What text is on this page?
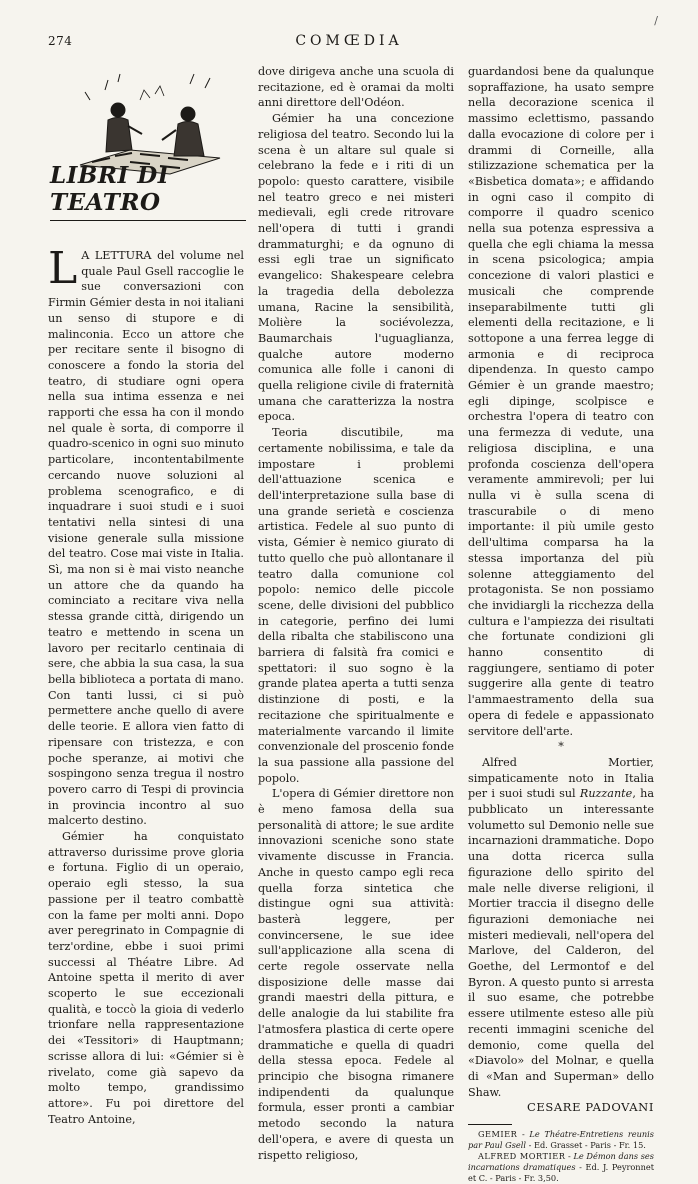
274	COMŒDIA
/
LIBRI DI TEATRO

L A LETTURA del volume nel quale Paul Gsell raccoglie le sue conversazioni con Firmin Gémier desta in noi italiani un senso di stupore e di malinconia. Ecco un attore che per recitare sente il bisogno di conoscere a fondo la storia del teatro, di studiare ogni opera nella sua intima essenza e nei rapporti che essa ha con il mondo nel quale è sorta, di comporre il quadro-scenico in ogni suo minuto particolare, incontentabilmente cercando nuove soluzioni al problema scenografico, e di inquadrare i suoi studi e i suoi tentativi nella sintesi di una visione generale sulla missione del teatro. Cose mai viste in Italia. Sì, ma non si è mai visto neanche un attore che da quando ha cominciato a recitare viva nella stessa grande città, dirigendo un teatro e mettendo in scena un lavoro per recitarlo centinaia di sere, che abbia la sua casa, la sua bella biblioteca a portata di mano. Con tanti lussi, ci si può permettere anche quello di avere delle teorie. E allora vien fatto di ripensare con tristezza, e con poche speranze, ai motivi che sospingono senza tregua il nostro povero carro di Tespi di provincia in provincia incontro al suo malcerto destino.

Gémier ha conquistato attraverso durissime prove gloria e fortuna. Figlio di un operaio, operaio egli stesso, la sua passione per il teatro combattè con la fame per molti anni. Dopo aver peregrinato in Compagnie di terz'ordine, ebbe i suoi primi successi al Théatre Libre. Ad Antoine spetta il merito di aver scoperto le sue eccezionali qualità, e toccò la gioia di vederlo trionfare nella rappresentazione dei «Tessitori» di Hauptmann; scrisse allora di lui: «Gémier si è rivelato, come già sapevo da molto tempo, grandissimo attore». Fu poi direttore del Teatro Antoine,

dove dirigeva anche una scuola di recitazione, ed è oramai da molti anni direttore dell'Odéon.

Gémier ha una concezione religiosa del teatro. Secondo lui la scena è un altare sul quale si celebrano la fede e i riti di un popolo: questo carattere, visibile nel teatro greco e nei misteri medievali, egli crede ritrovare nell'opera di tutti i grandi drammaturghi; e da ognuno di essi egli trae un significato evangelico: Shakespeare celebra la tragedia della debolezza umana, Racine la sensibilità, Molière la sociévolezza, Baumarchais l'uguaglianza, qualche autore moderno comunica alle folle i canoni di quella religione civile di fraternità umana che caratterizza la nostra epoca.

Teoria discutibile, ma certamente nobilissima, e tale da impostare i problemi dell'attuazione scenica e dell'interpretazione sulla base di una grande serietà e coscienza artistica. Fedele al suo punto di vista, Gémier è nemico giurato di tutto quello che può allontanare il teatro dalla comunione col popolo: nemico delle piccole scene, delle divisioni del pubblico in categorie, perfino dei lumi della ribalta che stabiliscono una barriera di falsità fra comici e spettatori: il suo sogno è la grande platea aperta a tutti senza distinzione di posti, e la recitazione che spiritualmente e materialmente varcando il limite convenzionale del proscenio fonde la sua passione alla passione del popolo.

L'opera di Gémier direttore non è meno famosa della sua personalità di attore; le sue ardite innovazioni sceniche sono state vivamente discusse in Francia. Anche in questo campo egli reca quella forza sintetica che distingue ogni sua attività: basterà leggere, per convincersene, le sue idee sull'applicazione alla scena di certe regole osservate nella disposizione delle masse dai grandi maestri della pittura, e delle analogie da lui stabilite fra l'atmosfera plastica di certe opere drammatiche e quella di quadri della stessa epoca. Fedele al principio che bisogna rimanere indipendenti da qualunque formula, esser pronti a cambiar metodo secondo la natura dell'opera, e avere di questa un rispetto religioso,

guardandosi bene da qualunque sopraffazione, ha usato sempre nella decorazione scenica il massimo eclettismo, passando dalla evocazione di colore per i drammi di Corneille, alla stilizzazione schematica per la «Bisbetica domata»; e affidando in ogni caso il compito di comporre il quadro scenico nella sua potenza espressiva a quella che egli chiama la messa in scena psicologica; ampia concezione di valori plastici e musicali che comprende inseparabilmente tutti gli elementi della recitazione, e li sottopone a una ferrea legge di armonia e di reciproca dipendenza. In questo campo Gémier è un grande maestro; egli dipinge, scolpisce e orchestra l'opera di teatro con una fermezza di vedute, una religiosa disciplina, e una profonda coscienza dell'opera veramente ammirevoli; per lui nulla vi è sulla scena di trascurabile o di meno importante: il più umile gesto dell'ultima comparsa ha la stessa importanza del più solenne atteggiamento del protagonista. Se non possiamo che invidiargli la ricchezza della cultura e l'ampiezza dei risultati che fortunate condizioni gli hanno consentito di raggiungere, sentiamo di poter suggerire alla gente di teatro l'ammaestramento della sua opera di fedele e appassionato servitore dell'arte.

*

Alfred Mortier, simpaticamente noto in Italia per i suoi studi sul Ruzzante, ha pubblicato un interessante volumetto sul Demonio nelle sue incarnazioni drammatiche. Dopo una dotta ricerca sulla figurazione dello spirito del male nelle diverse religioni, il Mortier traccia il disegno delle figurazioni demoniache nei misteri medievali, nell'opera del Marlove, del Calderon, del Goethe, del Lermontof e del Byron. A questo punto si arresta il suo esame, che potrebbe essere utilmente esteso alle più recenti immagini sceniche del demonio, come quella del «Diavolo» del Molnar, e quella di «Man and Superman» dello Shaw.

CESARE PADOVANI

GEMIER - Le Théatre-Entretiens reunis par Paul Gsell - Ed. Grasset - Paris - Fr. 15.

ALFRED MORTIER - Le Démon dans ses incarnations dramatiques - Ed. J. Peyronnet et C. - Paris - Fr. 3,50.
